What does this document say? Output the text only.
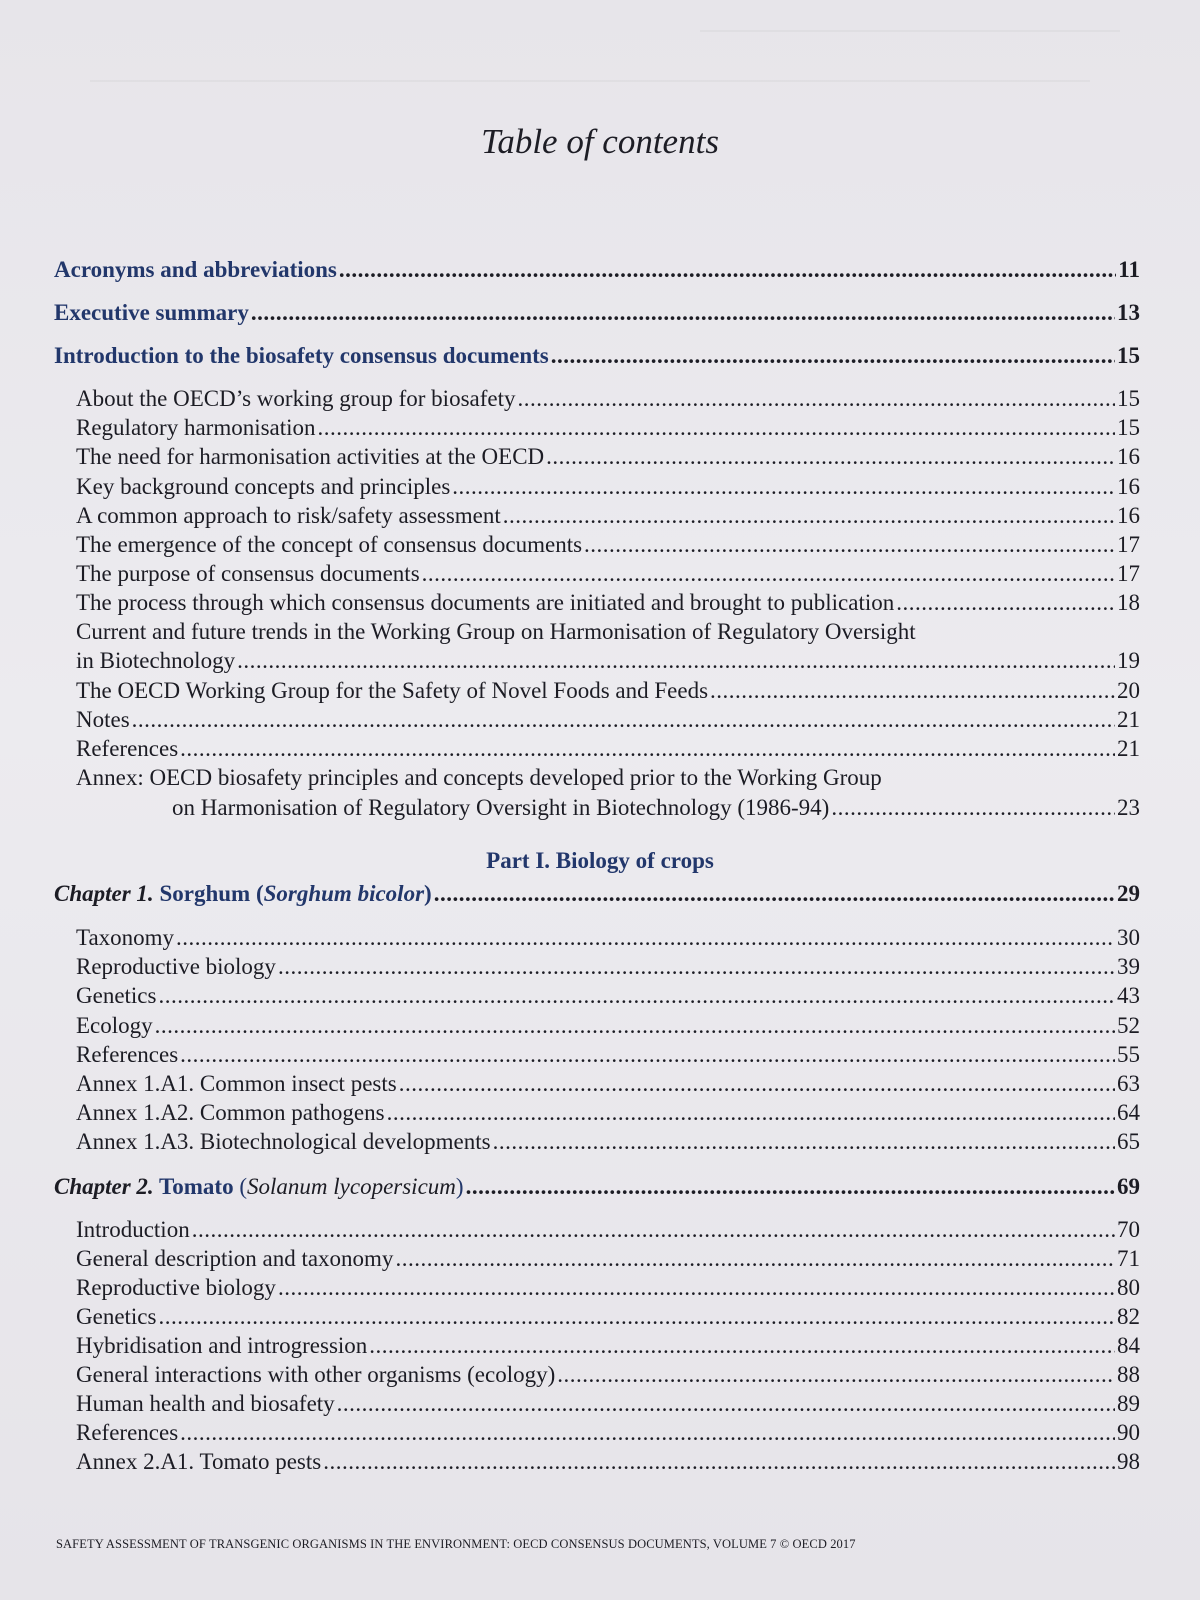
Table of contents
Acronyms and abbreviations .....	11
Executive summary .....	13
Introduction to the biosafety consensus documents .....	15
About the OECD’s working group for biosafety .....	15
Regulatory harmonisation .....	15
The need for harmonisation activities at the OECD .....	16
Key background concepts and principles .....	16
A common approach to risk/safety assessment .....	16
The emergence of the concept of consensus documents .....	17
The purpose of consensus documents .....	17
The process through which consensus documents are initiated and brought to publication .....	18
Current and future trends in the Working Group on Harmonisation of Regulatory Oversight
in Biotechnology .....	19
The OECD Working Group for the Safety of Novel Foods and Feeds .....	20
Notes .....	21
References .....	21
Annex: OECD biosafety principles and concepts developed prior to the Working Group
on Harmonisation of Regulatory Oversight in Biotechnology (1986-94) .....	23
Part I. Biology of crops
Chapter 1. Sorghum (Sorghum bicolor) .....	29
Taxonomy .....	30
Reproductive biology .....	39
Genetics .....	43
Ecology .....	52
References .....	55
Annex 1.A1. Common insect pests .....	63
Annex 1.A2. Common pathogens .....	64
Annex 1.A3. Biotechnological developments .....	65
Chapter 2. Tomato (Solanum lycopersicum) .....	69
Introduction .....	70
General description and taxonomy .....	71
Reproductive biology .....	80
Genetics .....	82
Hybridisation and introgression .....	84
General interactions with other organisms (ecology) .....	88
Human health and biosafety .....	89
References .....	90
Annex 2.A1. Tomato pests .....	98
SAFETY ASSESSMENT OF TRANSGENIC ORGANISMS IN THE ENVIRONMENT: OECD CONSENSUS DOCUMENTS, VOLUME 7 © OECD 2017
